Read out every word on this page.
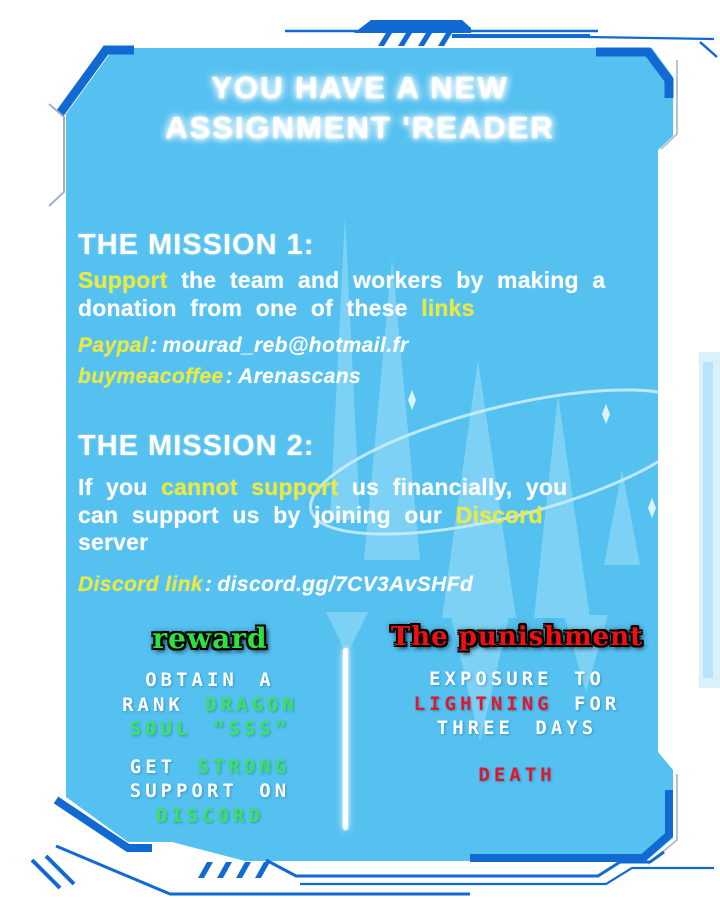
YOU HAVE A NEW
ASSIGNMENT 'READER
THE MISSION 1:
Support the team and workers by making a
donation from one of these links
Paypal: mourad_reb@hotmail.fr
buymeacoffee: Arenascans
THE MISSION 2:
If you cannot support us financially, you
can support us by joining our Discord
server
Discord link: discord.gg/7CV3AvSHFd
reward
OBTAIN A
RANK DRAGON
SOUL “SSS”
GET STRONG
SUPPORT ON
DISCORD
The punishment
EXPOSURE TO
LIGHTNING FOR
THREE DAYS
DEATH
